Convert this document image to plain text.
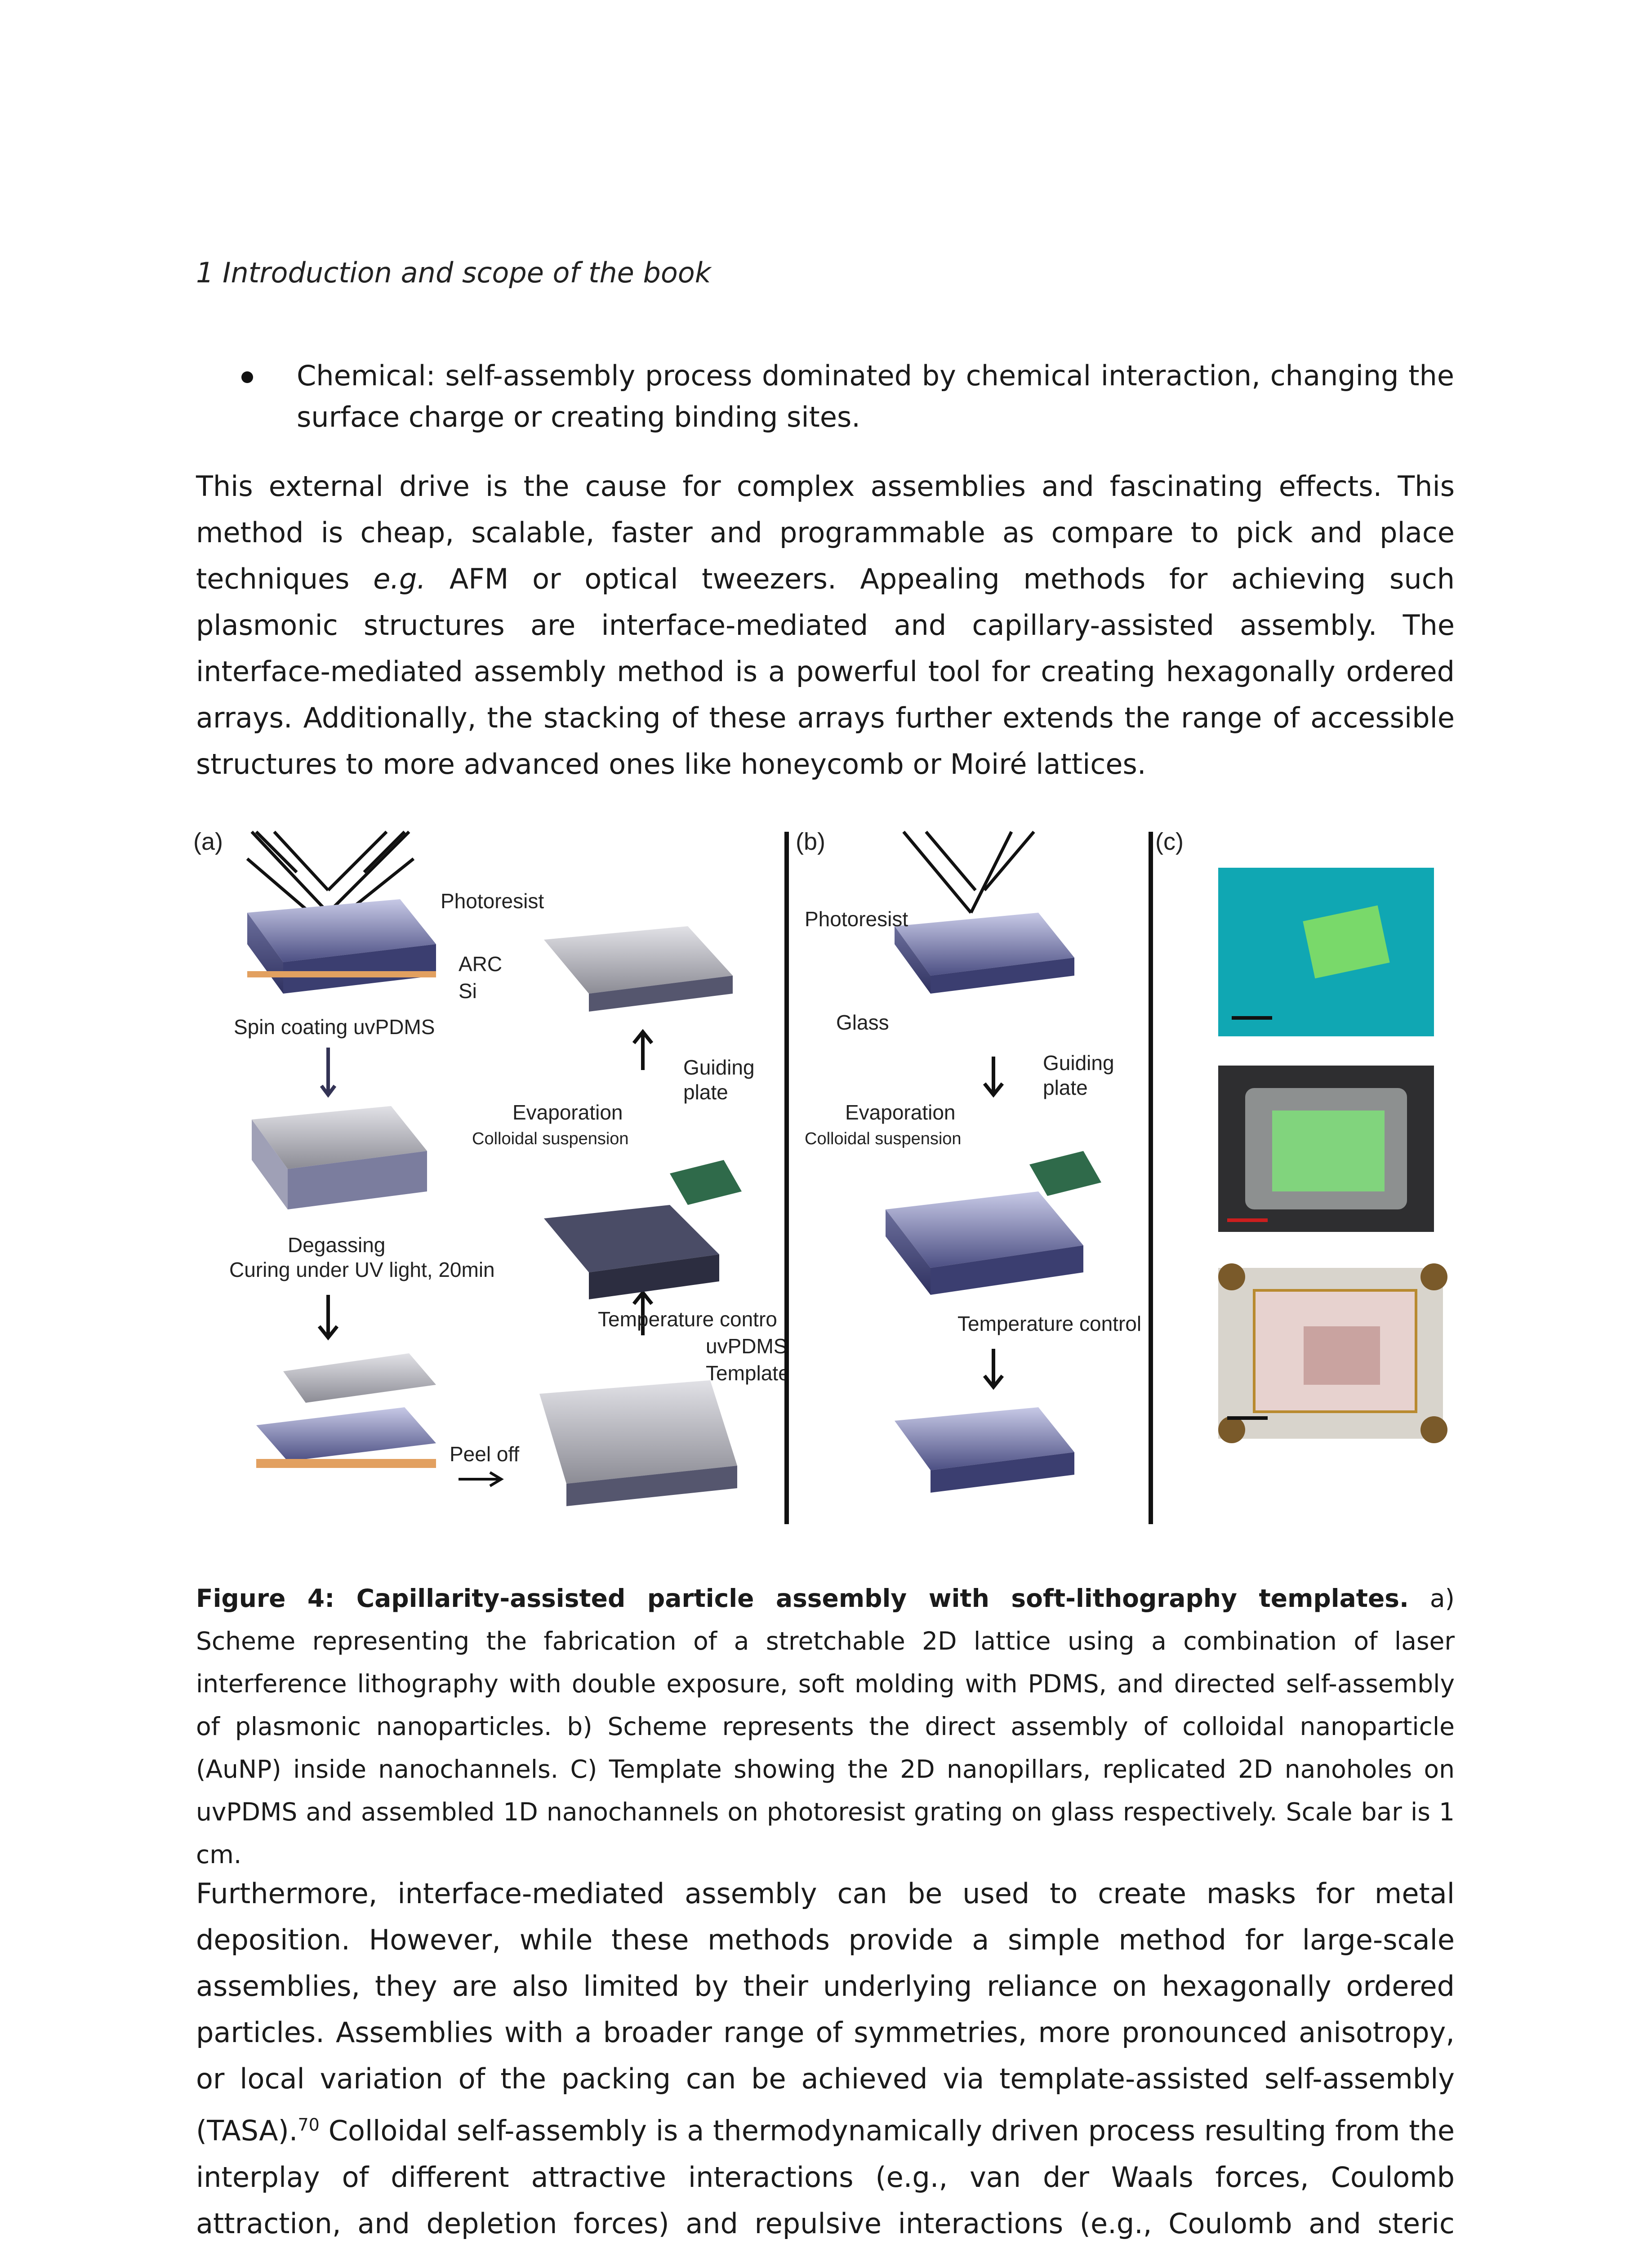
1 Introduction and scope of the book
Chemical: self-assembly process dominated by chemical interaction, changing the surface charge or creating binding sites.
This external drive is the cause for complex assemblies and fascinating effects. This method is cheap, scalable, faster and programmable as compare to pick and place techniques e.g. AFM or optical tweezers. Appealing methods for achieving such plasmonic structures are interface-mediated and capillary-assisted assembly. The interface-mediated assembly method is a powerful tool for creating hexagonally ordered arrays. Additionally, the stacking of these arrays further extends the range of accessible structures to more advanced ones like honeycomb or Moiré lattices.
(a)
Photoresist
ARC
Si
Spin coating uvPDMS
Degassing
Curing under UV light, 20min
Peel off
uvPDMS
Template
Guiding
plate
Evaporation
Colloidal suspension
Temperature contro
(b)
Photoresist
Glass
Guiding
plate
Evaporation
Colloidal suspension
Temperature control
(c)
Figure 4: Capillarity-assisted particle assembly with soft-lithography templates. a) Scheme representing the fabrication of a stretchable 2D lattice using a combination of laser interference lithography with double exposure, soft molding with PDMS, and directed self-assembly of plasmonic nanoparticles. b) Scheme represents the direct assembly of colloidal nanoparticle (AuNP) inside nanochannels. C) Template showing the 2D nanopillars, replicated 2D nanoholes on uvPDMS and assembled 1D nanochannels on photoresist grating on glass respectively. Scale bar is 1 cm.
Furthermore, interface-mediated assembly can be used to create masks for metal deposition. However, while these methods provide a simple method for large-scale assemblies, they are also limited by their underlying reliance on hexagonally ordered particles. Assemblies with a broader range of symmetries, more pronounced anisotropy, or local variation of the packing can be achieved via template-assisted self-assembly (TASA).$^{70}$ Colloidal self-assembly is a thermodynamically driven process resulting from the interplay of different attractive interactions (e.g., van der Waals forces, Coulomb attraction, and depletion forces) and repulsive interactions (e.g., Coulomb and steric
